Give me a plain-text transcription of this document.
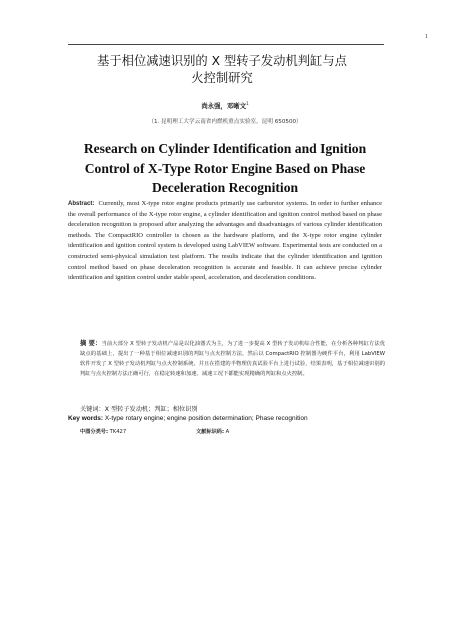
1
基于相位减速识别的 X 型转子发动机判缸与点
火控制研究
尚永强，邓晰文$^1$
（1. 昆明理工大学云南省内燃机重点实验室，昆明 650500）
Research on Cylinder Identification and Ignition
Control of X-Type Rotor Engine Based on Phase
Deceleration Recognition
Abstract: Currently, most X-type rotor engine products primarily use carburetor systems. In order to further enhance the overall performance of the X-type rotor engine, a cylinder identification and ignition control method based on phase deceleration recognition is proposed after analyzing the advantages and disadvantages of various cylinder identification methods. The CompactRIO controller is chosen as the hardware platform, and the X-type rotor engine cylinder identification and ignition control system is developed using LabVIEW software. Experimental tests are conducted on a constructed semi-physical simulation test platform. The results indicate that the cylinder identification and ignition control method based on phase deceleration recognition is accurate and feasible. It can achieve precise cylinder identification and ignition control under stable speed, acceleration, and deceleration conditions.
摘 要：当前大部分 X 型转子发动机产品是以化油器式为主，为了进一步提高 X 型转子发动机综合性能，在分析各种判缸方法优缺点的基础上，提出了一种基于相位减速识别的判缸与点火控制方法，然后以 CompactRIO 控制器为硬件平台，利用 LabVIEW 软件开发了 X 型转子发动机判缸与点火控制系统，并且在搭建的半物理仿真试验平台上进行试验，结果表明，基于相位减速识别的判缸与点火控制方法正确可行，在稳定转速和加速、减速工况下都能实现精确的判缸和点火控制。
关键词：X 型转子发动机；判缸；相位识别
Key words: X-type rotary engine; engine position determination; Phase recognition
中图分类号: TK427	文献标识码: A
